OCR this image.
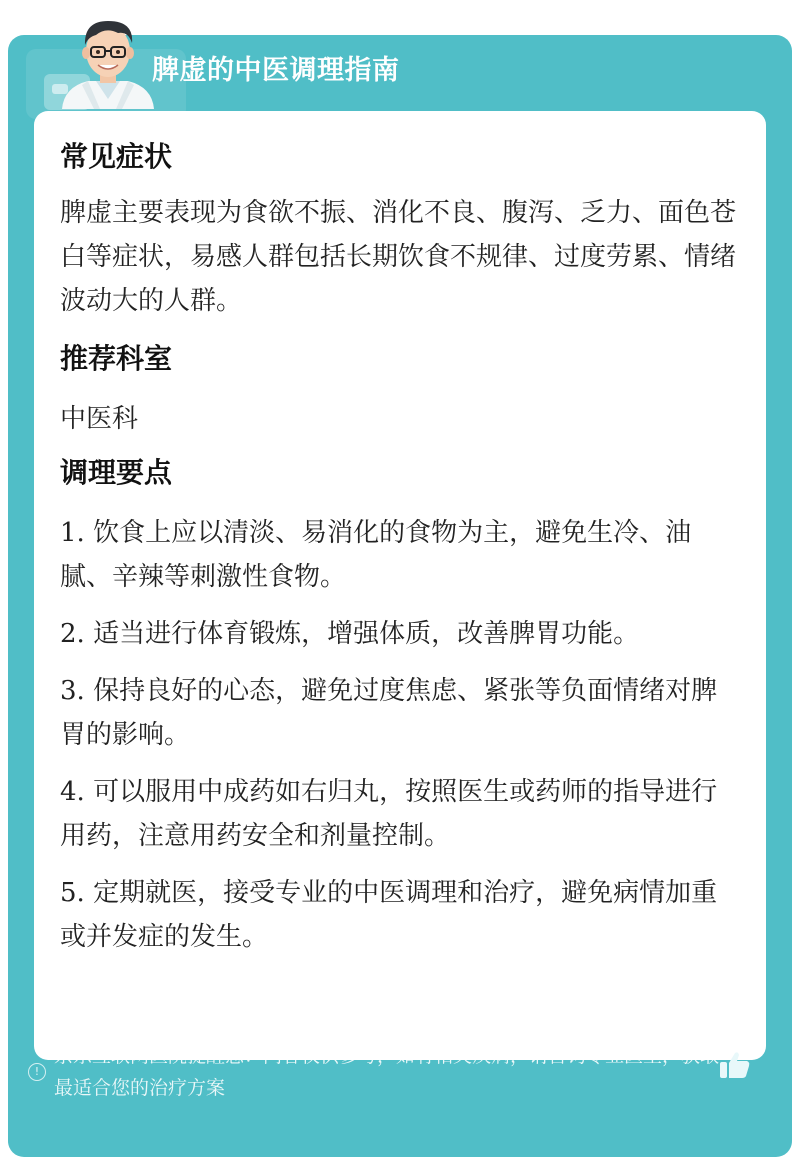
脾虚的中医调理指南
常见症状
脾虚主要表现为食欲不振、消化不良、腹泻、乏力、面色苍白等症状，易感人群包括长期饮食不规律、过度劳累、情绪波动大的人群。
推荐科室
中医科
调理要点
1. 饮食上应以清淡、易消化的食物为主，避免生冷、油腻、辛辣等刺激性食物。
2. 适当进行体育锻炼，增强体质，改善脾胃功能。
3. 保持良好的心态，避免过度焦虑、紧张等负面情绪对脾胃的影响。
4. 可以服用中成药如右归丸，按照医生或药师的指导进行用药，注意用药安全和剂量控制。
5. 定期就医，接受专业的中医调理和治疗，避免病情加重或并发症的发生。
!
京东互联网医院提醒您：内容仅供参考，如有相关疾病，请咨询专业医生，获取最适合您的治疗方案
